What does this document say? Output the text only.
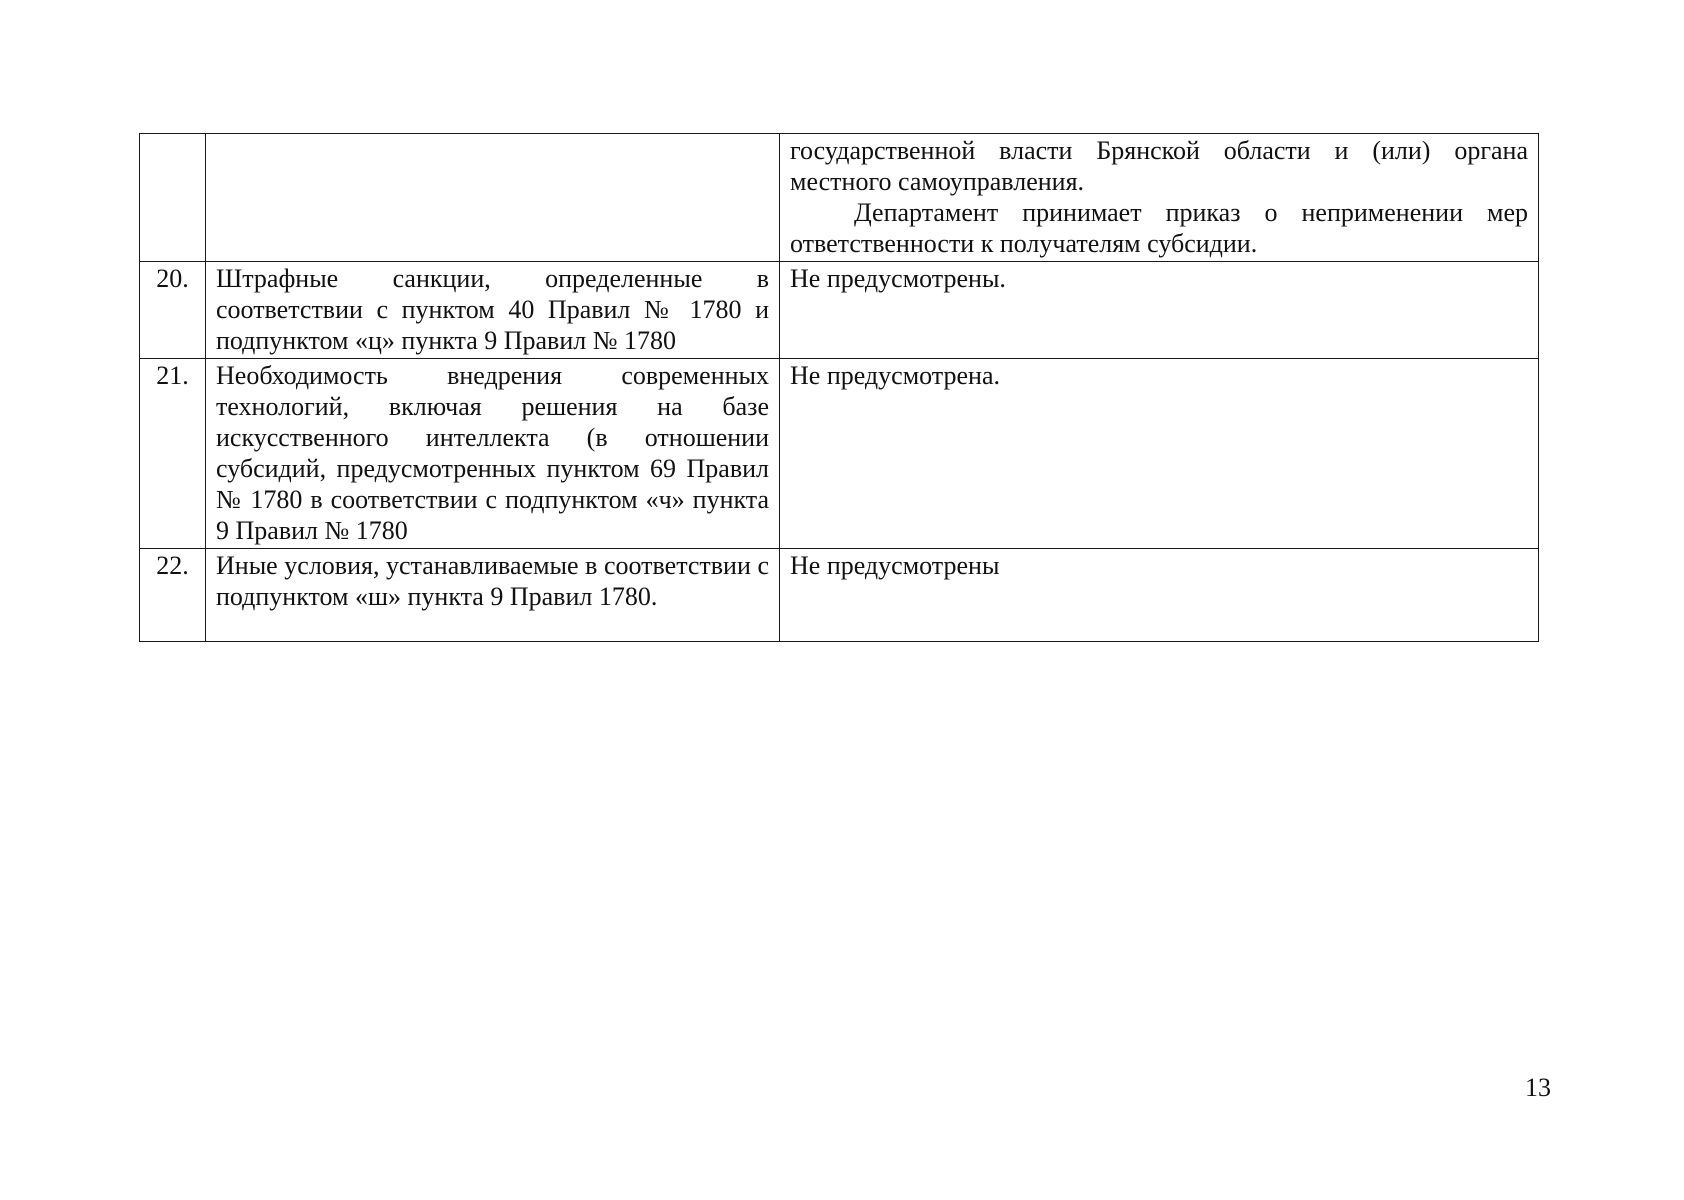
		государственной власти Брянской области и (или) органа местного самоуправления.
Департамент принимает приказ о неприменении мер ответственности к получателям субсидии.

20.	Штрафные санкции, определенные в соответствии с пунктом 40 Правил № 1780 и подпунктом «ц» пункта 9 Правил № 1780	Не предусмотрены.
21.	Необходимость внедрения современных технологий, включая решения на базе искусственного интеллекта (в отношении субсидий, предусмотренных пунктом 69 Правил № 1780 в соответствии с подпунктом «ч» пункта 9 Правил № 1780	Не предусмотрена.
22.	Иные условия, устанавливаемые в соответствии с подпунктом «ш» пункта 9 Правил 1780.	Не предусмотрены
13
